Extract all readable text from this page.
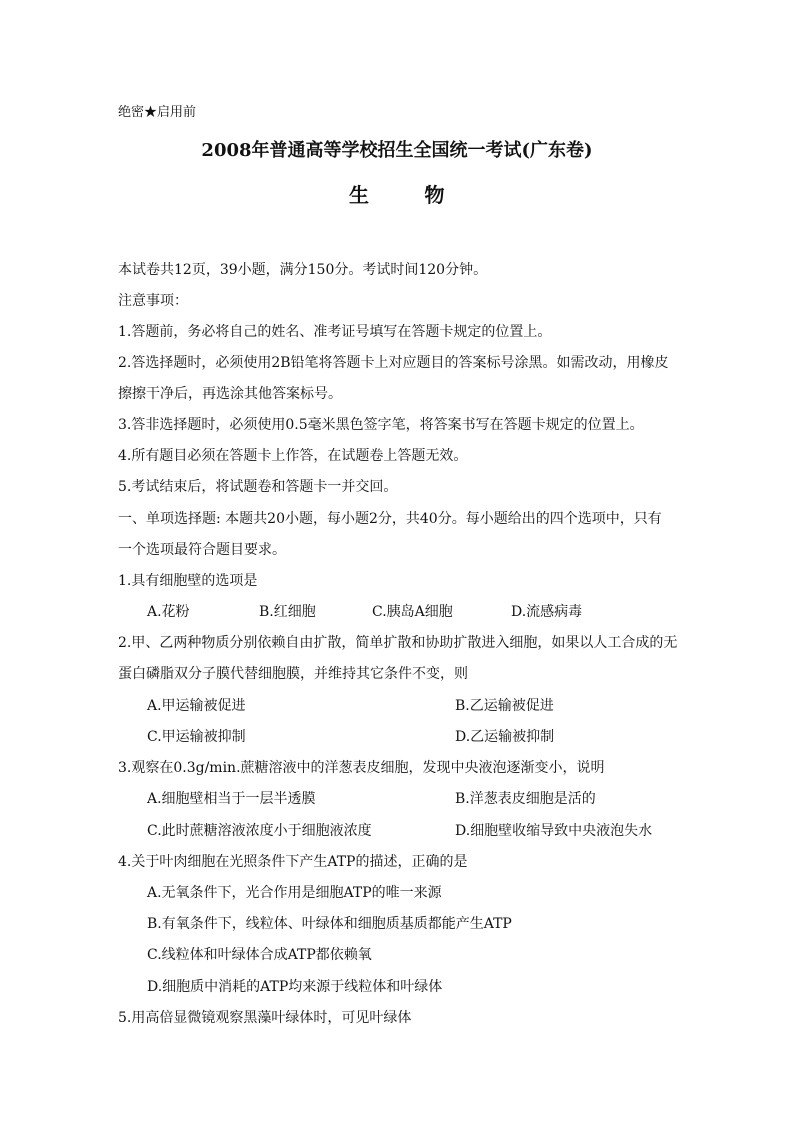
绝密★启用前
2008年普通高等学校招生全国统一考试(广东卷)
生	物
本试卷共12页，39小题，满分150分。考试时间120分钟。
注意事项：
1.答题前，务必将自己的姓名、准考证号填写在答题卡规定的位置上。
2.答选择题时，必须使用2B铅笔将答题卡上对应题目的答案标号涂黑。如需改动，用橡皮
擦擦干净后，再选涂其他答案标号。
3.答非选择题时，必须使用0.5毫米黑色签字笔，将答案书写在答题卡规定的位置上。
4.所有题目必须在答题卡上作答，在试题卷上答题无效。
5.考试结束后，将试题卷和答题卡一并交回。
一、单项选择题: 本题共20小题，每小题2分，共40分。每小题给出的四个选项中，只有
一个选项最符合题目要求。
1.具有细胞壁的选项是
A.花粉	B.红细胞	C.胰岛A细胞	D.流感病毒
2.甲、乙两种物质分别依赖自由扩散，简单扩散和协助扩散进入细胞，如果以人工合成的无
蛋白磷脂双分子膜代替细胞膜，并维持其它条件不变，则
A.甲运输被促进	B.乙运输被促进
C.甲运输被抑制	D.乙运输被抑制
3.观察在0.3g/min.蔗糖溶液中的洋葱表皮细胞，发现中央液泡逐渐变小，说明
A.细胞壁相当于一层半透膜	B.洋葱表皮细胞是活的
C.此时蔗糖溶液浓度小于细胞液浓度	D.细胞壁收缩导致中央液泡失水
4.关于叶肉细胞在光照条件下产生ATP的描述，正确的是
A.无氧条件下，光合作用是细胞ATP的唯一来源
B.有氧条件下，线粒体、叶绿体和细胞质基质都能产生ATP
C.线粒体和叶绿体合成ATP都依赖氧
D.细胞质中消耗的ATP均来源于线粒体和叶绿体
5.用高倍显微镜观察黑藻叶绿体时，可见叶绿体
